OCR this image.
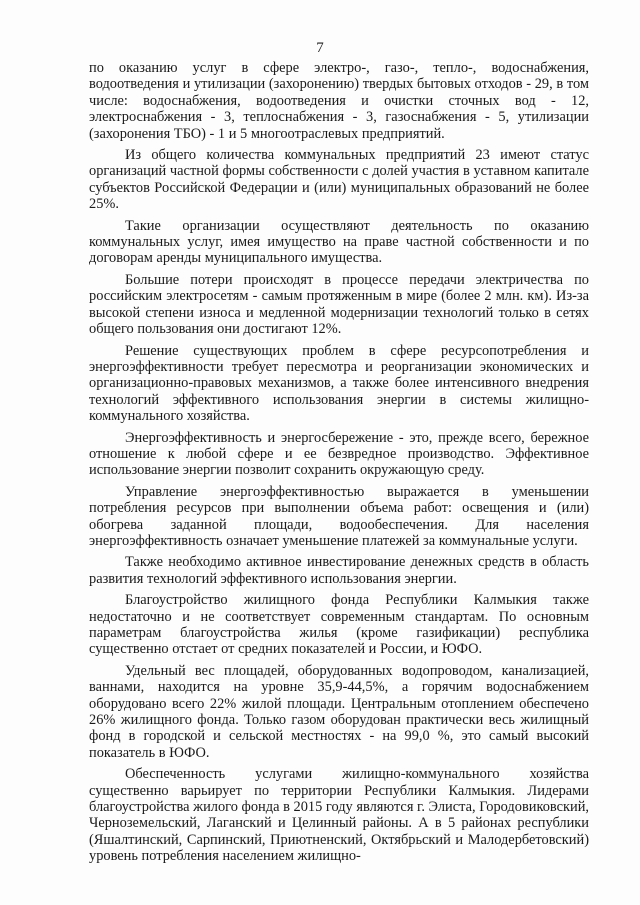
7

по оказанию услуг в сфере электро-, газо-, тепло-, водоснабжения, водоотведения и утилизации (захоронению) твердых бытовых отходов - 29, в том числе: водоснабжения, водоотведения и очистки сточных вод - 12, электроснабжения - 3, теплоснабжения - 3, газоснабжения - 5, утилизации (захоронения ТБО) - 1 и 5 многоотраслевых предприятий.

Из общего количества коммунальных предприятий 23 имеют статус организаций частной формы собственности с долей участия в уставном капитале субъектов Российской Федерации и (или) муниципальных образований не более 25%.

Такие организации осуществляют деятельность по оказанию коммунальных услуг, имея имущество на праве частной собственности и по договорам аренды муниципального имущества.

Большие потери происходят в процессе передачи электричества по российским электросетям - самым протяженным в мире (более 2 млн. км). Из-за высокой степени износа и медленной модернизации технологий только в сетях общего пользования они достигают 12%.

Решение существующих проблем в сфере ресурсопотребления и энергоэффективности требует пересмотра и реорганизации экономических и организационно-правовых механизмов, а также более интенсивного внедрения технологий эффективного использования энергии в системы жилищно-коммунального хозяйства.

Энергоэффективность и энергосбережение - это, прежде всего, бережное отношение к любой сфере и ее безвредное производство. Эффективное использование энергии позволит сохранить окружающую среду.

Управление энергоэффективностью выражается в уменьшении потребления ресурсов при выполнении объема работ: освещения и (или) обогрева заданной площади, водообеспечения. Для населения энергоэффективность означает уменьшение платежей за коммунальные услуги.

Также необходимо активное инвестирование денежных средств в область развития технологий эффективного использования энергии.

Благоустройство жилищного фонда Республики Калмыкия также недостаточно и не соответствует современным стандартам. По основным параметрам благоустройства жилья (кроме газификации) республика существенно отстает от средних показателей и России, и ЮФО.

Удельный вес площадей, оборудованных водопроводом, канализацией, ваннами, находится на уровне 35,9-44,5%, а горячим водоснабжением оборудовано всего 22% жилой площади. Центральным отоплением обеспечено 26% жилищного фонда. Только газом оборудован практически весь жилищный фонд в городской и сельской местностях - на 99,0 %, это самый высокий показатель в ЮФО.

Обеспеченность услугами жилищно-коммунального хозяйства существенно варьирует по территории Республики Калмыкия. Лидерами благоустройства жилого фонда в 2015 году являются г. Элиста, Городовиковский, Черноземельский, Лаганский и Целинный районы. А в 5 районах республики (Яшалтинский, Сарпинский, Приютненский, Октябрьский и Малодербетовский) уровень потребления населением жилищно-
